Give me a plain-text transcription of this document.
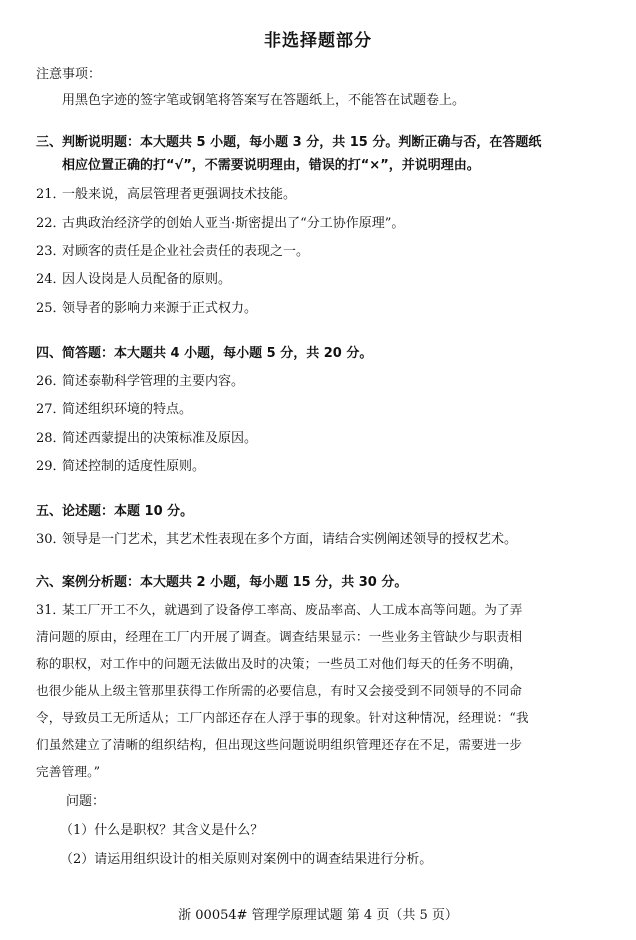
非选择题部分
注意事项：
用黑色字迹的签字笔或钢笔将答案写在答题纸上，不能答在试题卷上。
三、判断说明题：本大题共 5 小题，每小题 3 分，共 15 分。判断正确与否，在答题纸
相应位置正确的打“√”，不需要说明理由，错误的打“×”，并说明理由。
21．一般来说，高层管理者更强调技术技能。
22．古典政治经济学的创始人亚当·斯密提出了“分工协作原理”。
23．对顾客的责任是企业社会责任的表现之一。
24．因人设岗是人员配备的原则。
25．领导者的影响力来源于正式权力。
四、简答题：本大题共 4 小题，每小题 5 分，共 20 分。
26．简述泰勒科学管理的主要内容。
27．简述组织环境的特点。
28．简述西蒙提出的决策标准及原因。
29．简述控制的适度性原则。
五、论述题：本题 10 分。
30．领导是一门艺术，其艺术性表现在多个方面，请结合实例阐述领导的授权艺术。
六、案例分析题：本大题共 2 小题，每小题 15 分，共 30 分。
31．某工厂开工不久，就遇到了设备停工率高、废品率高、人工成本高等问题。为了弄
清问题的原由，经理在工厂内开展了调查。调查结果显示：一些业务主管缺少与职责相
称的职权，对工作中的问题无法做出及时的决策；一些员工对他们每天的任务不明确，
也很少能从上级主管那里获得工作所需的必要信息，有时又会接受到不同领导的不同命
令，导致员工无所适从；工厂内部还存在人浮于事的现象。针对这种情况，经理说：“我
们虽然建立了清晰的组织结构，但出现这些问题说明组织管理还存在不足，需要进一步
完善管理。”
问题：
（1）什么是职权？其含义是什么？
（2）请运用组织设计的相关原则对案例中的调查结果进行分析。
浙 00054# 管理学原理试题 第 4 页（共 5 页）
